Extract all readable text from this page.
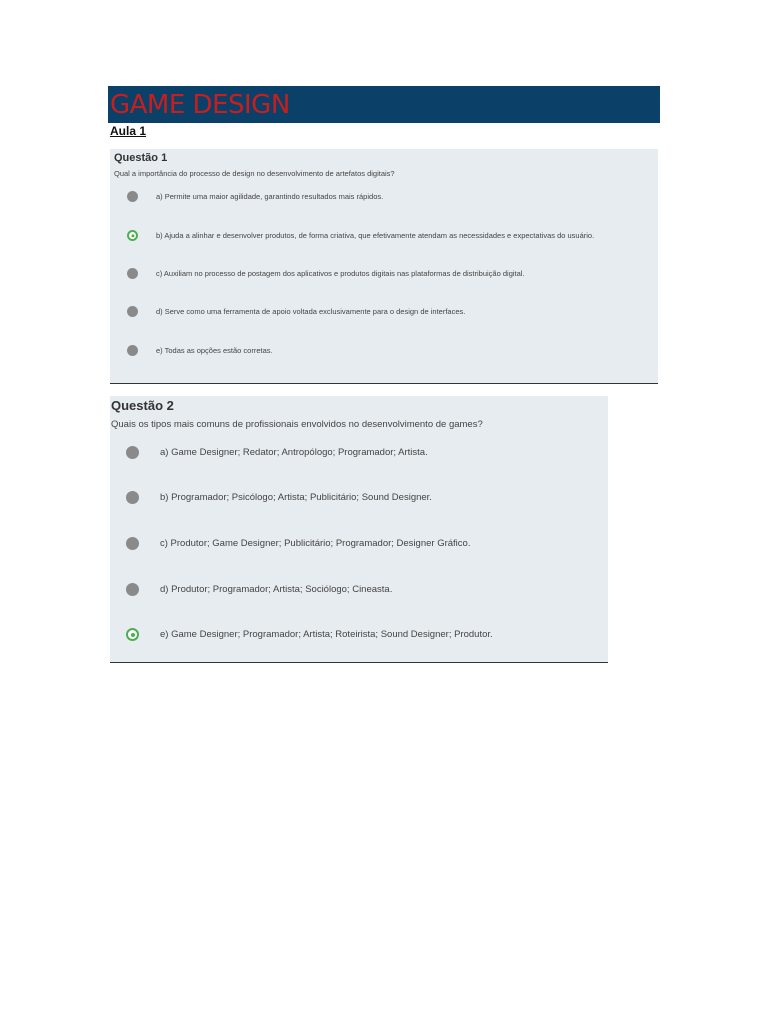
GAME DESIGN
Aula 1
Questão 1
Qual a importância do processo de design no desenvolvimento de artefatos digitais?
a) Permite uma maior agilidade, garantindo resultados mais rápidos.
b) Ajuda a alinhar e desenvolver produtos, de forma criativa, que efetivamente atendam as necessidades e expectativas do usuário.
c) Auxiliam no processo de postagem dos aplicativos e produtos digitais nas plataformas de distribuição digital.
d) Serve como uma ferramenta de apoio voltada exclusivamente para o design de interfaces.
e) Todas as opções estão corretas.
Questão 2
Quais os tipos mais comuns de profissionais envolvidos no desenvolvimento de games?
a) Game Designer; Redator; Antropólogo; Programador; Artista.
b) Programador; Psicólogo; Artista; Publicitário; Sound Designer.
c) Produtor; Game Designer; Publicitário; Programador; Designer Gráfico.
d) Produtor; Programador; Artista; Sociólogo; Cineasta.
e) Game Designer; Programador; Artista; Roteirista; Sound Designer; Produtor.
